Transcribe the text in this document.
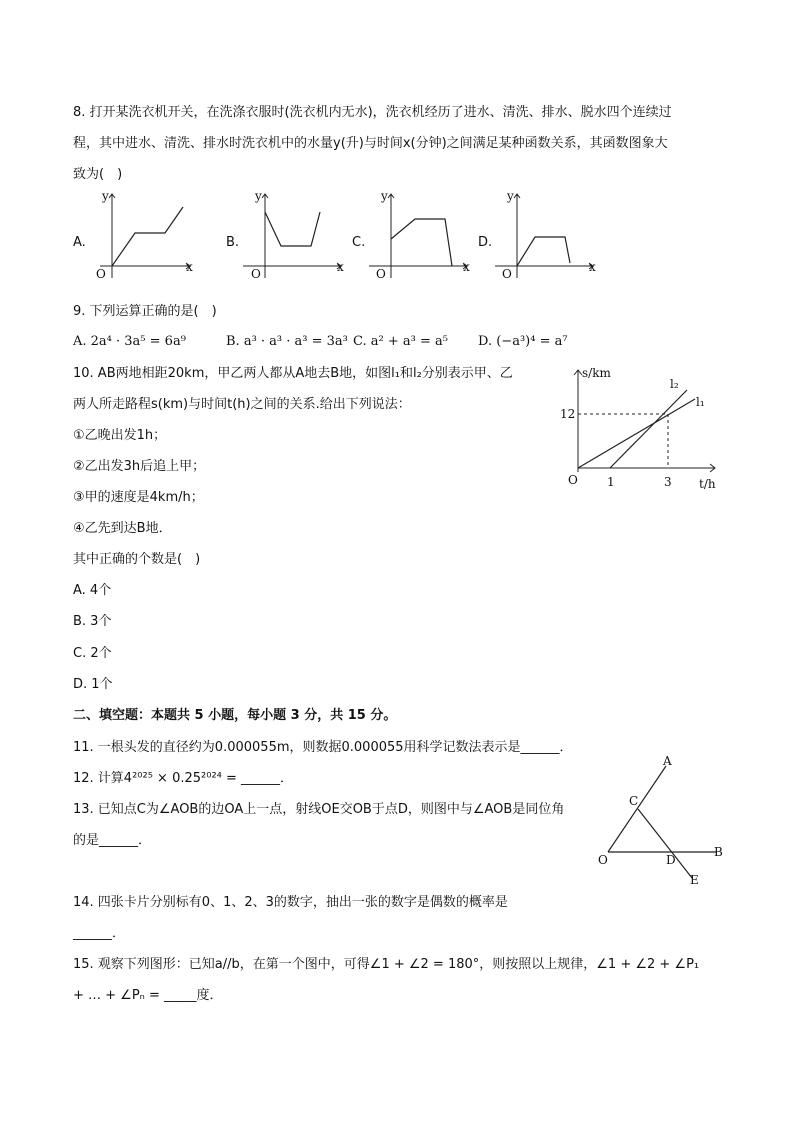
8. 打开某洗衣机开关，在洗涤衣服时(洗衣机内无水)，洗衣机经历了进水、清洗、排水、脱水四个连续过
程，其中进水、清洗、排水时洗衣机中的水量y(升)与时间x(分钟)之间满足某种函数关系，其函数图象大
致为(　)
A.
y
x
O
B.
y
x
O
C.
y
x
O
D.
y
x
O
9. 下列运算正确的是(　)
A. 2a⁴ · 3a⁵ = 6a⁹	B. a³ · a³ · a³ = 3a³ C. a² + a³ = a⁵ D. (−a³)⁴ = a⁷
10. AB两地相距20km，甲乙两人都从A地去B地，如图l₁和l₂分别表示甲、乙
两人所走路程s(km)与时间t(h)之间的关系.给出下列说法：
①乙晚出发1h；
②乙出发3h后追上甲；
③甲的速度是4km/h；
④乙先到达B地．
其中正确的个数是(　)
A. 4个
B. 3个
C. 2个
D. 1个
s/km
t/h
O
12
1	3
l₂
l₁
二、填空题：本题共 5 小题，每小题 3 分，共 15 分。
11. 一根头发的直径约为0.000055m，则数据0.000055用科学记数法表示是______．
12. 计算4²⁰²⁵ × 0.25²⁰²⁴ = ______．
13. 已知点C为∠AOB的边OA上一点，射线OE交OB于点D，则图中与∠AOB是同位角
的是______．
A
C
O	D
B
E
14. 四张卡片分别标有0、1、2、3的数字，抽出一张的数字是偶数的概率是
______．
15. 观察下列图形：已知a//b，在第一个图中，可得∠1 + ∠2 = 180°，则按照以上规律，∠1 + ∠2 + ∠P₁
+ … + ∠Pₙ = _____度．
